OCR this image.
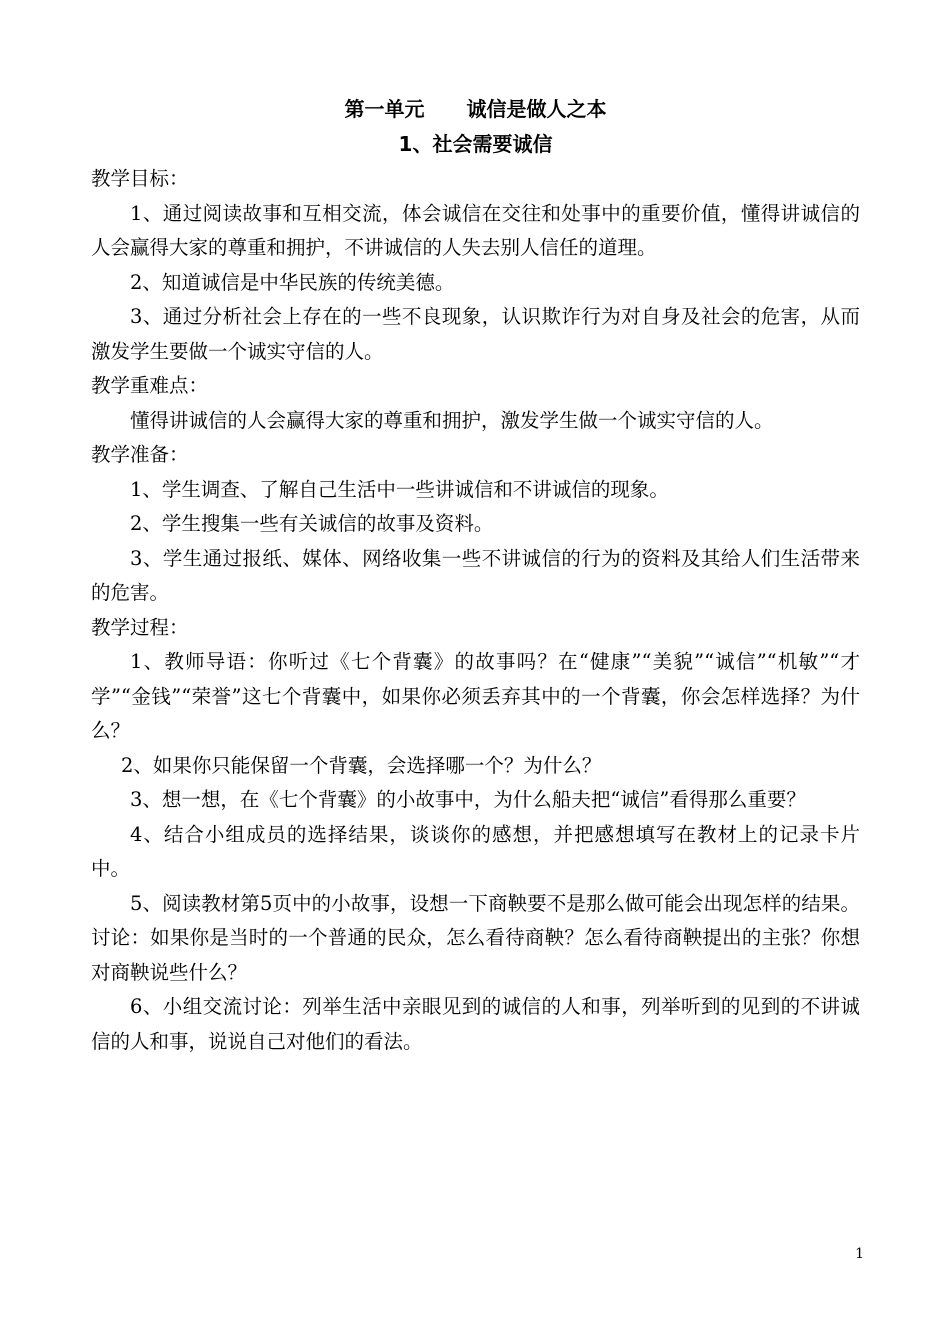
第一单元 诚信是做人之本

1、社会需要诚信

教学目标：

1、通过阅读故事和互相交流，体会诚信在交往和处事中的重要价值，懂得讲诚信的人会赢得大家的尊重和拥护，不讲诚信的人失去别人信任的道理。

2、知道诚信是中华民族的传统美德。

3、通过分析社会上存在的一些不良现象，认识欺诈行为对自身及社会的危害，从而激发学生要做一个诚实守信的人。

教学重难点：

懂得讲诚信的人会赢得大家的尊重和拥护，激发学生做一个诚实守信的人。

教学准备：

1、学生调查、了解自己生活中一些讲诚信和不讲诚信的现象。

2、学生搜集一些有关诚信的故事及资料。

3、学生通过报纸、媒体、网络收集一些不讲诚信的行为的资料及其给人们生活带来的危害。

教学过程：

1、教师导语：你听过《七个背囊》的故事吗？在“健康”“美貌”“诚信”“机敏”“才学”“金钱”“荣誉”这七个背囊中，如果你必须丢弃其中的一个背囊，你会怎样选择？为什么？

2、如果你只能保留一个背囊，会选择哪一个？为什么？

3、想一想，在《七个背囊》的小故事中，为什么船夫把“诚信”看得那么重要？

4、结合小组成员的选择结果，谈谈你的感想，并把感想填写在教材上的记录卡片中。

5、阅读教材第5页中的小故事，设想一下商鞅要不是那么做可能会出现怎样的结果。讨论：如果你是当时的一个普通的民众，怎么看待商鞅？怎么看待商鞅提出的主张？你想对商鞅说些什么？

6、小组交流讨论：列举生活中亲眼见到的诚信的人和事，列举听到的见到的不讲诚信的人和事，说说自己对他们的看法。

1
